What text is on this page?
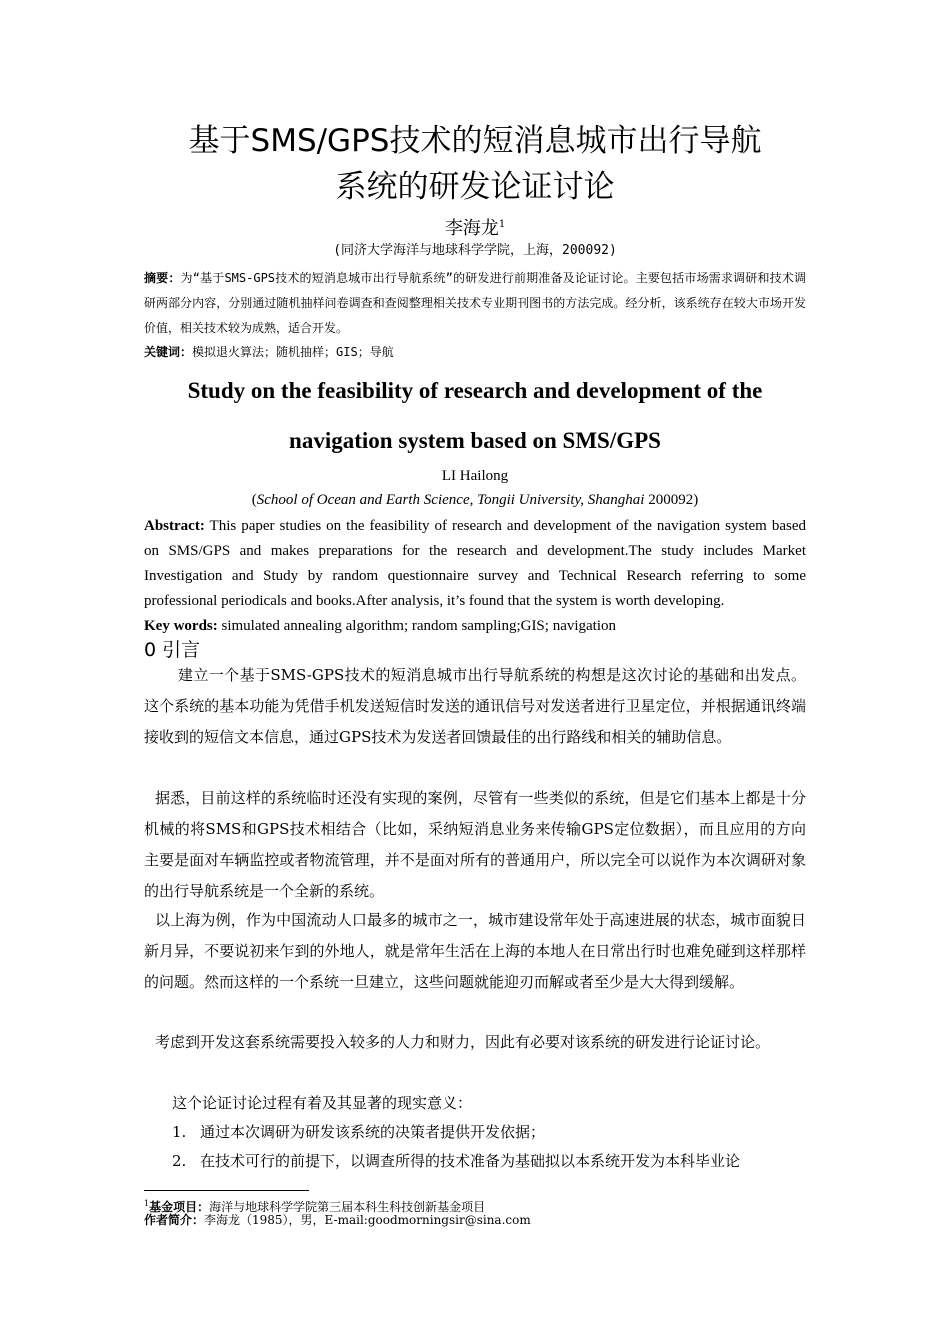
基于SMS/GPS技术的短消息城市出行导航
系统的研发论证讨论
李海龙$^1$
(同济大学海洋与地球科学学院，上海，200092)
摘要：为“基于SMS-GPS技术的短消息城市出行导航系统”的研发进行前期准备及论证讨论。主要包括市场需求调研和技术调研两部分内容，分别通过随机抽样问卷调查和查阅整理相关技术专业期刊图书的方法完成。经分析，该系统存在较大市场开发价值，相关技术较为成熟，适合开发。
关键词：模拟退火算法；随机抽样；GIS；导航
Study on the feasibility of research and development of the
navigation system based on SMS/GPS
LI Hailong
(School of Ocean and Earth Science, Tongii University, Shanghai 200092)
Abstract: This paper studies on the feasibility of research and development of the navigation system based on SMS/GPS and makes preparations for the research and development.The study includes Market Investigation and Study by random questionnaire survey and Technical Research referring to some professional periodicals and books.After analysis, it’s found that the system is worth developing.
Key words: simulated annealing algorithm; random sampling;GIS; navigation
0 引言
建立一个基于SMS-GPS技术的短消息城市出行导航系统的构想是这次讨论的基础和出发点。这个系统的基本功能为凭借手机发送短信时发送的通讯信号对发送者进行卫星定位，并根据通讯终端接收到的短信文本信息，通过GPS技术为发送者回馈最佳的出行路线和相关的辅助信息。
据悉，目前这样的系统临时还没有实现的案例，尽管有一些类似的系统，但是它们基本上都是十分机械的将SMS和GPS技术相结合（比如，采纳短消息业务来传输GPS定位数据），而且应用的方向主要是面对车辆监控或者物流管理，并不是面对所有的普通用户，所以完全可以说作为本次调研对象的出行导航系统是一个全新的系统。
以上海为例，作为中国流动人口最多的城市之一，城市建设常年处于高速进展的状态，城市面貌日新月异，不要说初来乍到的外地人，就是常年生活在上海的本地人在日常出行时也难免碰到这样那样的问题。然而这样的一个系统一旦建立，这些问题就能迎刃而解或者至少是大大得到缓解。
考虑到开发这套系统需要投入较多的人力和财力，因此有必要对该系统的研发进行论证讨论。
这个论证讨论过程有着及其显著的现实意义：
1. 通过本次调研为研发该系统的决策者提供开发依据；
2. 在技术可行的前提下，以调查所得的技术准备为基础拟以本系统开发为本科毕业论
$^1$基金项目：海洋与地球科学学院第三届本科生科技创新基金项目
作者简介：李海龙（1985），男，E-mail:goodmorningsir@sina.com
